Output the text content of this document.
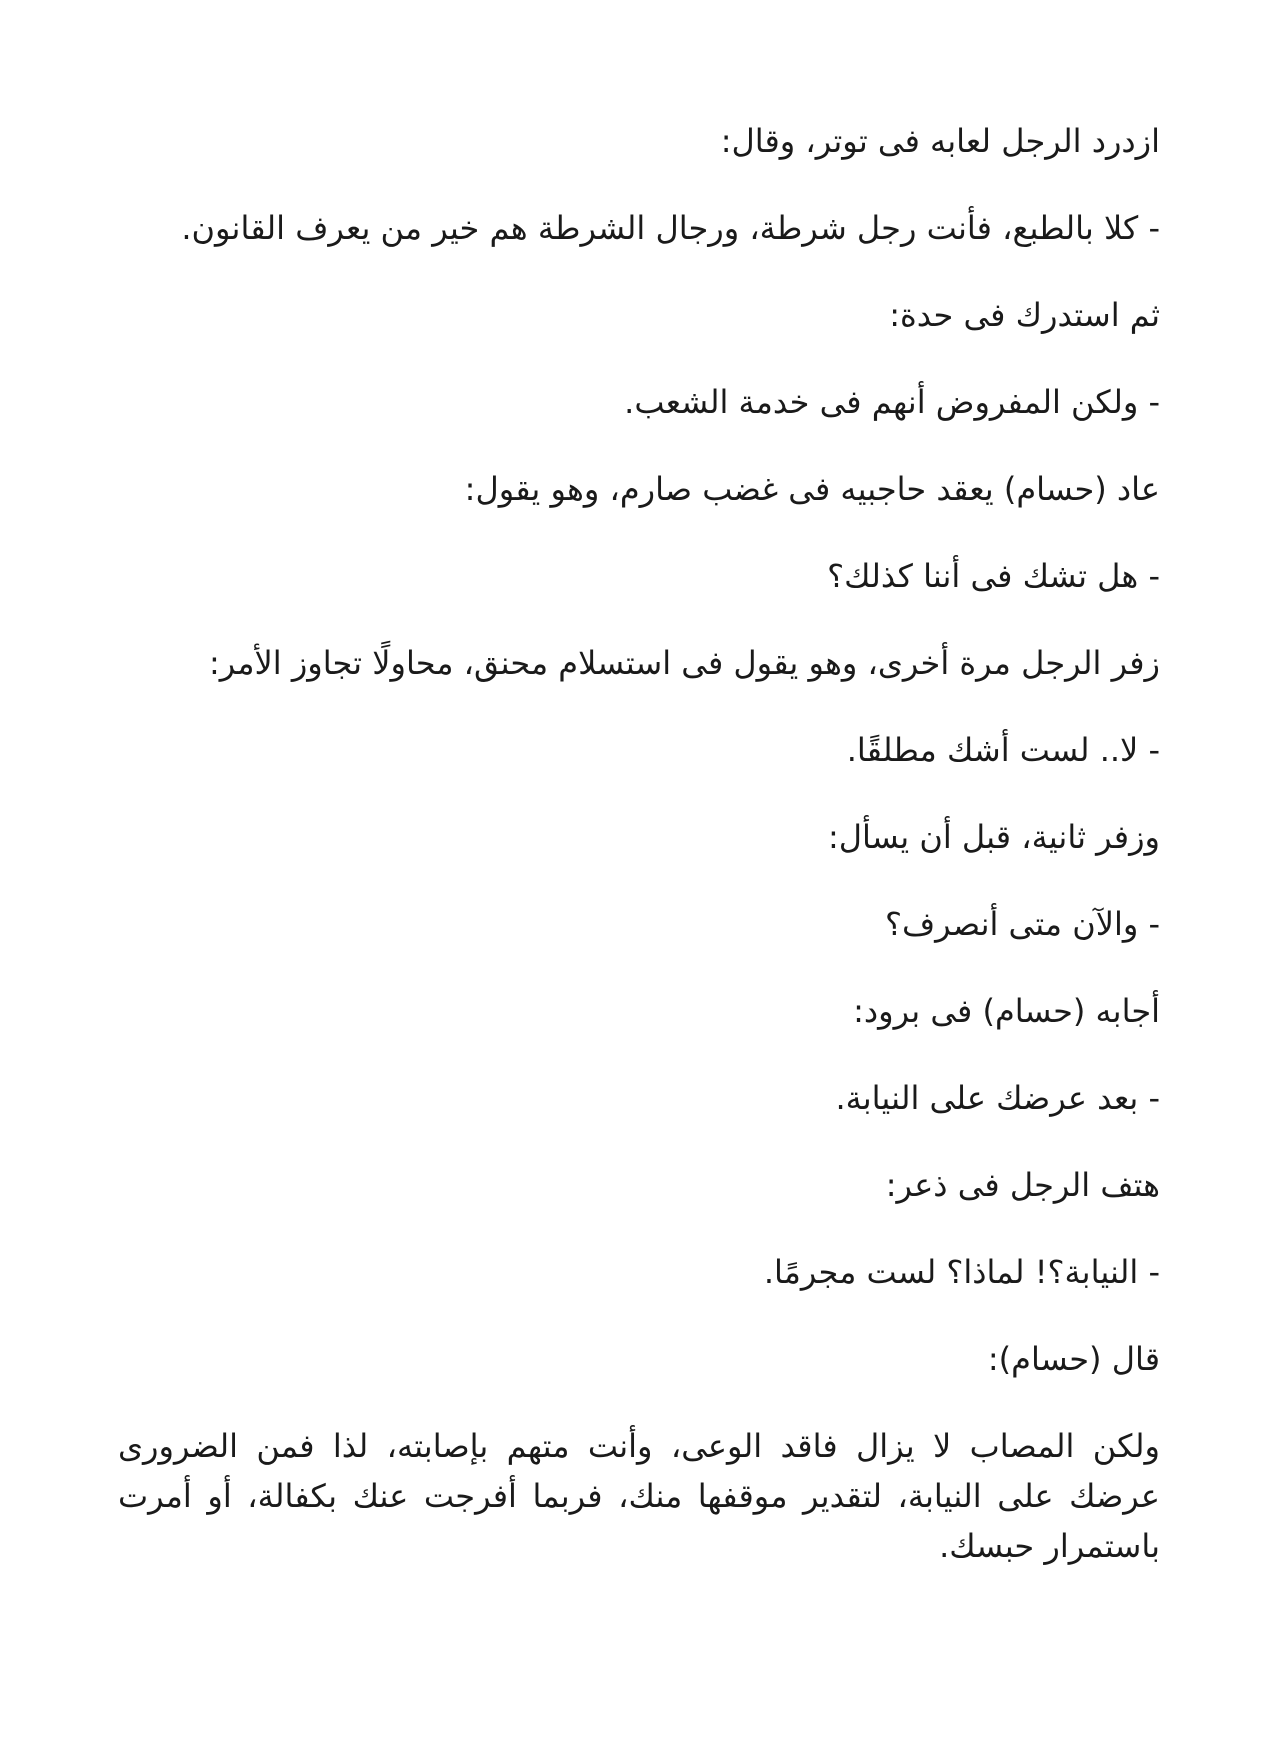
ازدرد الرجل لعابه فى توتر، وقال:

- كلا بالطبع، فأنت رجل شرطة، ورجال الشرطة هم خير من يعرف القانون.

ثم استدرك فى حدة:

- ولكن المفروض أنهم فى خدمة الشعب.

عاد (حسام) يعقد حاجبيه فى غضب صارم، وهو يقول:

- هل تشك فى أننا كذلك؟

زفر الرجل مرة أخرى، وهو يقول فى استسلام محنق، محاولًا تجاوز الأمر:

- لا.. لست أشك مطلقًا.

وزفر ثانية، قبل أن يسأل:

- والآن متى أنصرف؟

أجابه (حسام) فى برود:

- بعد عرضك على النيابة.

هتف الرجل فى ذعر:

- النيابة؟! لماذا؟ لست مجرمًا.

قال (حسام):

ولكن المصاب لا يزال فاقد الوعى، وأنت متهم بإصابته، لذا فمن الضرورى عرضك على النيابة، لتقدير موقفها منك، فربما أفرجت عنك بكفالة، أو أمرت باستمرار حبسك.
